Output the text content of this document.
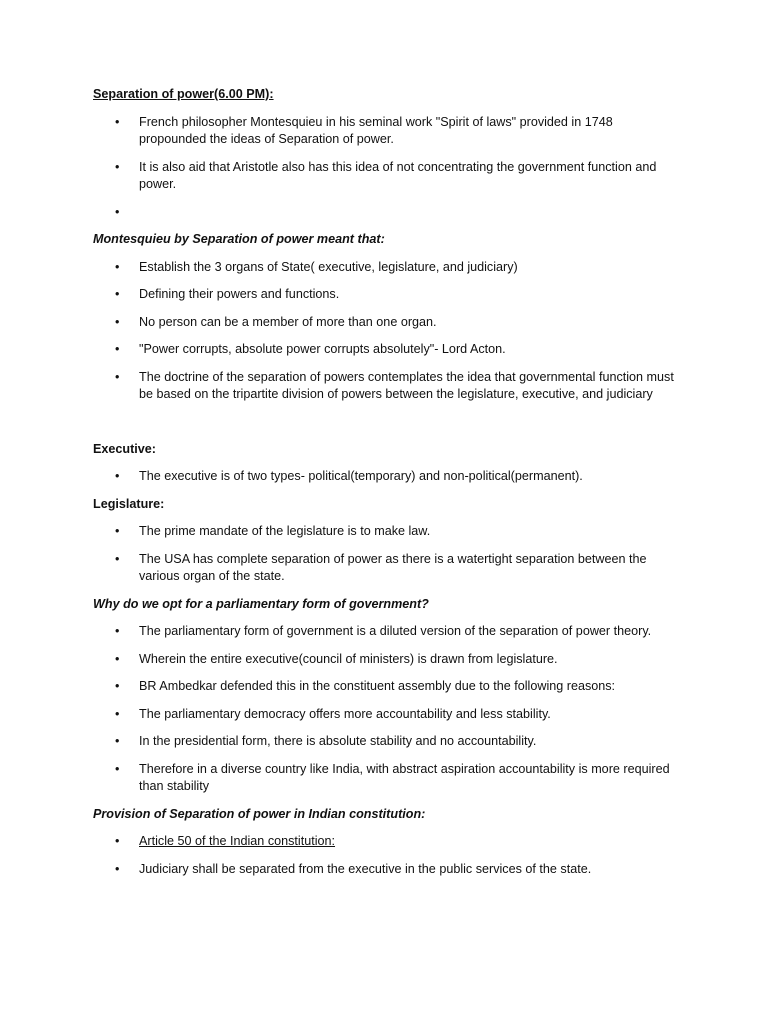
Separation of power(6.00 PM):

• French philosopher Montesquieu in his seminal work "Spirit of laws" provided in 1748 propounded the ideas of Separation of power.
• It is also aid that Aristotle also has this idea of not concentrating the government function and power.
•

Montesquieu by Separation of power meant that:

• Establish the 3 organs of State( executive, legislature, and judiciary)
• Defining their powers and functions.
• No person can be a member of more than one organ.
• "Power corrupts, absolute power corrupts absolutely"- Lord Acton.
• The doctrine of the separation of powers contemplates the idea that governmental function must be based on the tripartite division of powers between the legislature, executive, and judiciary

Executive:

• The executive is of two types- political(temporary) and non-political(permanent).

Legislature:

• The prime mandate of the legislature is to make law.
• The USA has complete separation of power as there is a watertight separation between the various organ of the state.

Why do we opt for a parliamentary form of government?

• The parliamentary form of government is a diluted version of the separation of power theory.
• Wherein the entire executive(council of ministers) is drawn from legislature.
• BR Ambedkar defended this in the constituent assembly due to the following reasons:
• The parliamentary democracy offers more accountability and less stability.
• In the presidential form, there is absolute stability and no accountability.
• Therefore in a diverse country like India, with abstract aspiration accountability is more required than stability

Provision of Separation of power in Indian constitution:

• Article 50 of the Indian constitution:
• Judiciary shall be separated from the executive in the public services of the state.
